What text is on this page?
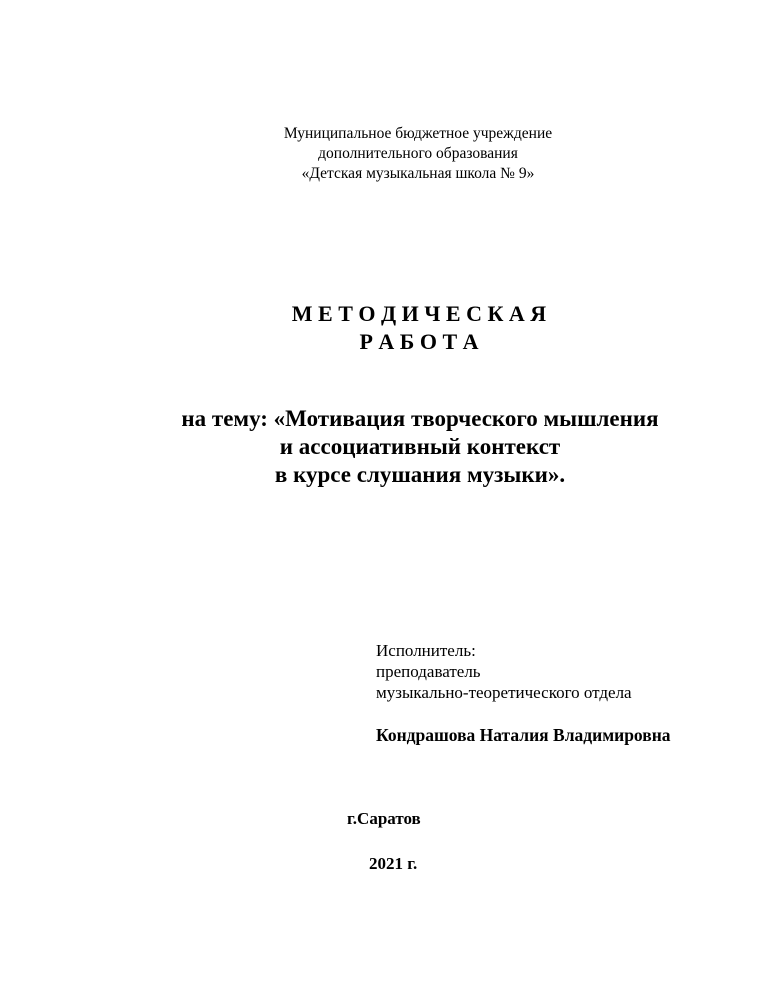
Муниципальное бюджетное учреждение
дополнительного образования
«Детская музыкальная школа № 9»
М Е Т О Д И Ч Е С К А Я
Р А Б О Т А
на тему: «Мотивация творческого мышления
и ассоциативный контекст
в курсе слушания музыки».
Исполнитель:
преподаватель
музыкально-теоретического отдела
Кондрашова Наталия Владимировна
г.Саратов
2021 г.
